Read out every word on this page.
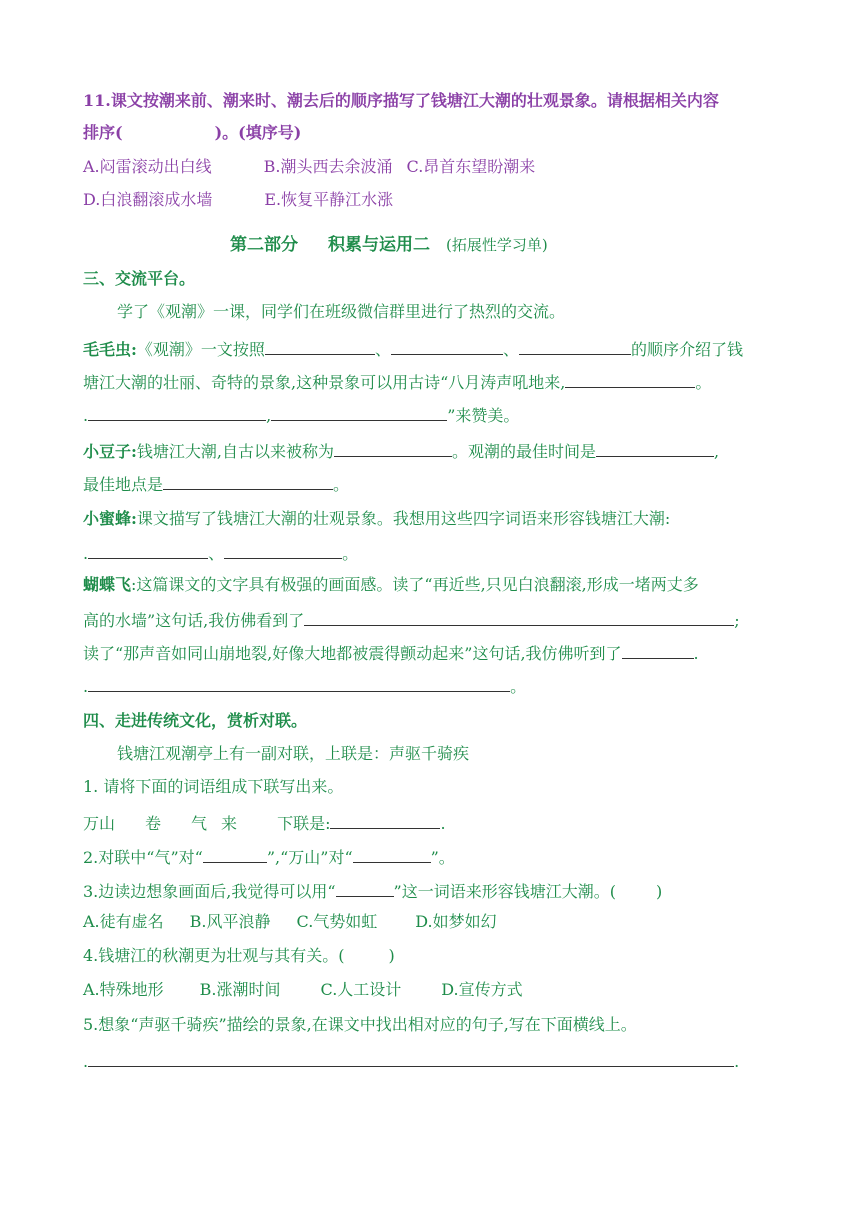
11.课文按潮来前、潮来时、潮去后的顺序描写了钱塘江大潮的壮观景象。请根据相关内容
排序(	)。(填序号)
A.闷雷滚动出白线	B.潮头西去余波涌 C.昂首东望盼潮来
D.白浪翻滚成水墙	E.恢复平静江水涨
第二部分 积累与运用二 (拓展性学习单)
三、交流平台。
学了《观潮》一课，同学们在班级微信群里进行了热烈的交流。
毛毛虫:《观潮》一文按照	、	、	的顺序介绍了钱
塘江大潮的壮丽、奇特的景象,这种景象可以用古诗“八月涛声吼地来,	。
.	,	”来赞美。
小豆子:钱塘江大潮,自古以来被称为	。观潮的最佳时间是	,
最佳地点是	。
小蜜蜂:课文描写了钱塘江大潮的壮观景象。我想用这些四字词语来形容钱塘江大潮:
.	、	。
蝴蝶飞:这篇课文的文字具有极强的画面感。读了“再近些,只见白浪翻滚,形成一堵两丈多
高的水墙”这句话,我仿佛看到了	;
读了“那声音如同山崩地裂,好像大地都被震得颤动起来”这句话,我仿佛听到了	.
.	。
四、走进传统文化，赏析对联。
钱塘江观潮亭上有一副对联，上联是：声驱千骑疾
1. 请将下面的词语组成下联写出来。
万山 卷 气 来	下联是:	.
2.对联中“气”对“	”,“万山”对“	”。
3.边读边想象画面后,我觉得可以用“	”这一词语来形容钱塘江大潮。(	)
A.徒有虚名 B.风平浪静 C.气势如虹 D.如梦如幻
4.钱塘江的秋潮更为壮观与其有关。(	)
A.特殊地形 B.涨潮时间	C.人工设计	D.宣传方式
5.想象“声驱千骑疾”描绘的景象,在课文中找出相对应的句子,写在下面横线上。
.	.
